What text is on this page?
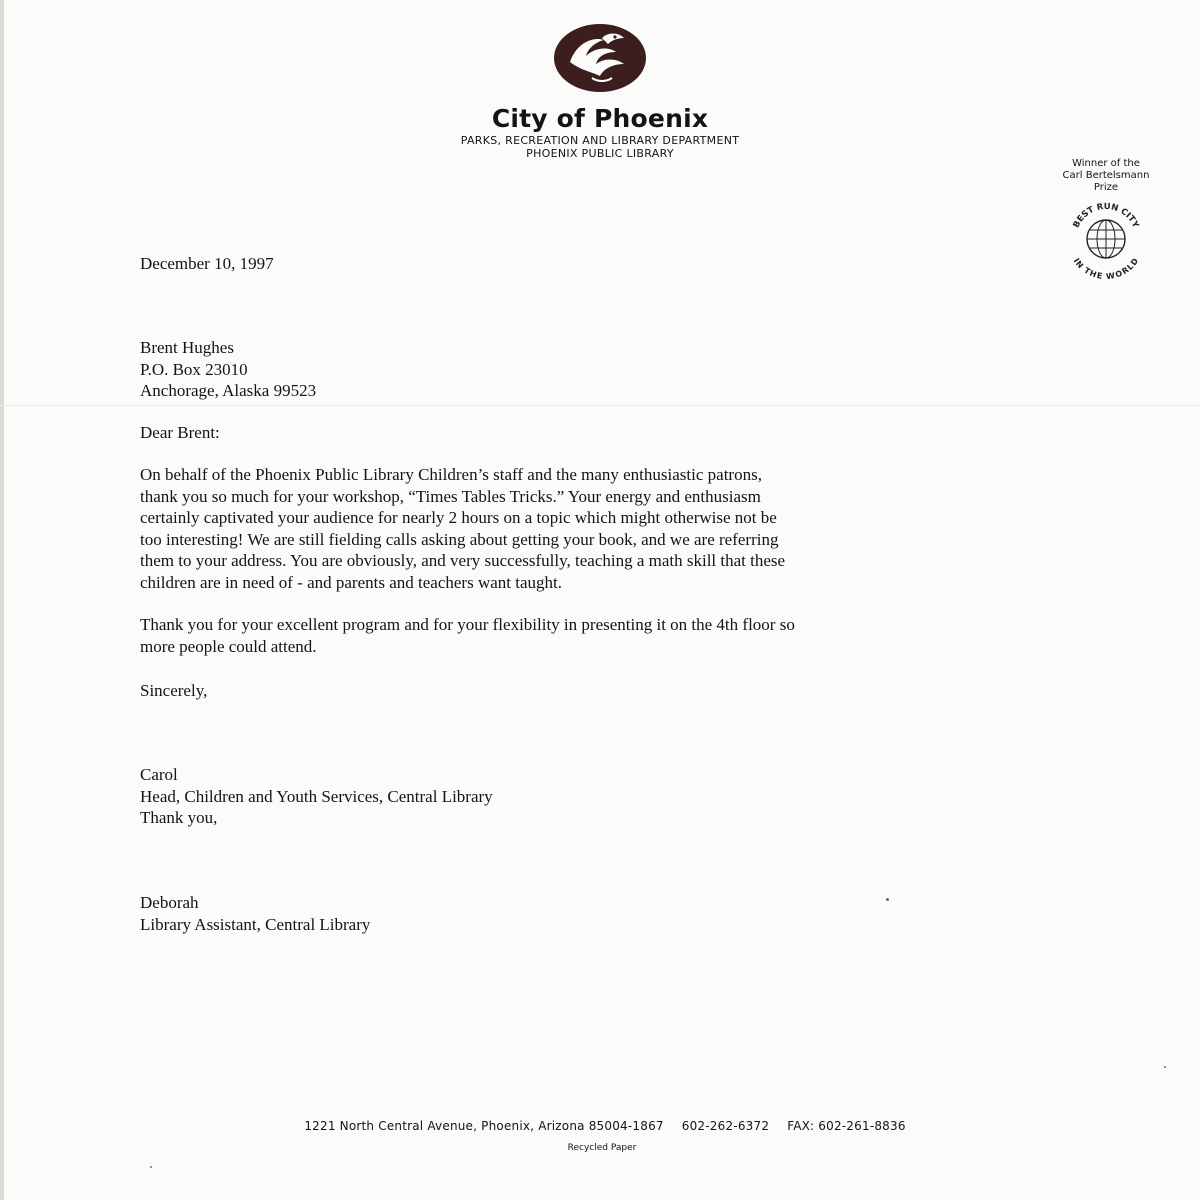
City of Phoenix
PARKS, RECREATION AND LIBRARY DEPARTMENT
PHOENIX PUBLIC LIBRARY
Winner of the
Carl Bertelsmann
Prize
BEST RUN CITY
IN THE WORLD
December 10, 1997
Brent Hughes
P.O. Box 23010
Anchorage, Alaska 99523
Dear Brent:
On behalf of the Phoenix Public Library Children’s staff and the many enthusiastic patrons,
thank you so much for your workshop, “Times Tables Tricks.” Your energy and enthusiasm
certainly captivated your audience for nearly 2 hours on a topic which might otherwise not be
too interesting! We are still fielding calls asking about getting your book, and we are referring
them to your address. You are obviously, and very successfully, teaching a math skill that these
children are in need of - and parents and teachers want taught.
Thank you for your excellent program and for your flexibility in presenting it on the 4th floor so
more people could attend.
Sincerely,
Carol
Head, Children and Youth Services, Central Library
Thank you,
Deborah
Library Assistant, Central Library
1221 North Central Avenue, Phoenix, Arizona 85004-1867 602-262-6372 FAX: 602-261-8836
Recycled Paper
